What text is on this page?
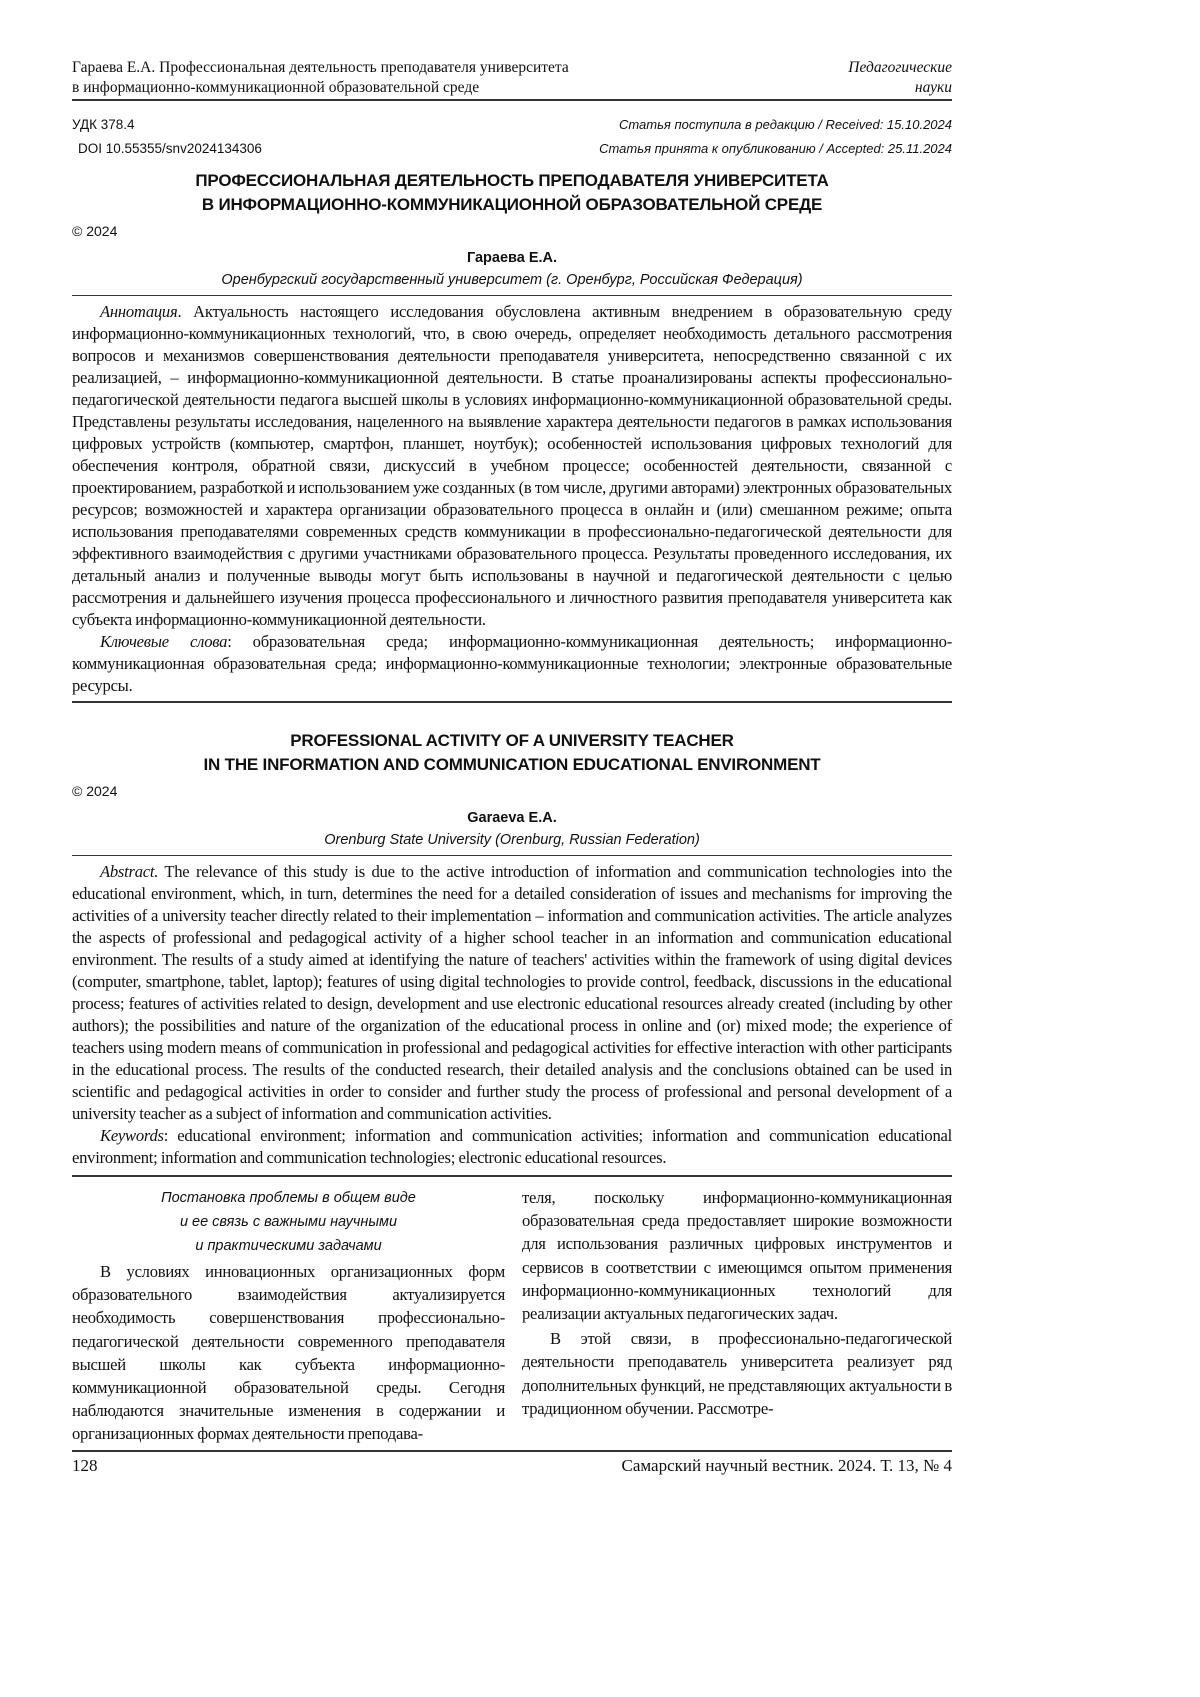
Гараева Е.А. Профессиональная деятельность преподавателя университета
в информационно-коммуникационной образовательной среде
Педагогические
науки
УДК 378.4	Статья поступила в редакцию / Received: 15.10.2024
DOI 10.55355/snv2024134306	Статья принята к опубликованию / Accepted: 25.11.2024
ПРОФЕССИОНАЛЬНАЯ ДЕЯТЕЛЬНОСТЬ ПРЕПОДАВАТЕЛЯ УНИВЕРСИТЕТА
В ИНФОРМАЦИОННО-КОММУНИКАЦИОННОЙ ОБРАЗОВАТЕЛЬНОЙ СРЕДЕ
© 2024
Гараева Е.А.
Оренбургский государственный университет (г. Оренбург, Российская Федерация)

Аннотация. Актуальность настоящего исследования обусловлена активным внедрением в образовательную среду информационно-коммуникационных технологий, что, в свою очередь, определяет необходимость детального рассмотрения вопросов и механизмов совершенствования деятельности преподавателя университета, непосредственно связанной с их реализацией, – информационно-коммуникационной деятельности. В статье проанализированы аспекты профессионально-педагогической деятельности педагога высшей школы в условиях информационно-коммуникационной образовательной среды. Представлены результаты исследования, нацеленного на выявление характера деятельности педагогов в рамках использования цифровых устройств (компьютер, смартфон, планшет, ноутбук); особенностей использования цифровых технологий для обеспечения контроля, обратной связи, дискуссий в учебном процессе; особенностей деятельности, связанной с проектированием, разработкой и использованием уже созданных (в том числе, другими авторами) электронных образовательных ресурсов; возможностей и характера организации образовательного процесса в онлайн и (или) смешанном режиме; опыта использования преподавателями современных средств коммуникации в профессионально-педагогической деятельности для эффективного взаимодействия с другими участниками образовательного процесса. Результаты проведенного исследования, их детальный анализ и полученные выводы могут быть использованы в научной и педагогической деятельности с целью рассмотрения и дальнейшего изучения процесса профессионального и личностного развития преподавателя университета как субъекта информационно-коммуникационной деятельности.

Ключевые слова: образовательная среда; информационно-коммуникационная деятельность; информационно-коммуникационная образовательная среда; информационно-коммуникационные технологии; электронные образовательные ресурсы.

PROFESSIONAL ACTIVITY OF A UNIVERSITY TEACHER
IN THE INFORMATION AND COMMUNICATION EDUCATIONAL ENVIRONMENT
© 2024
Garaeva E.A.
Orenburg State University (Orenburg, Russian Federation)

Abstract. The relevance of this study is due to the active introduction of information and communication technologies into the educational environment, which, in turn, determines the need for a detailed consideration of issues and mechanisms for improving the activities of a university teacher directly related to their implementation – information and communication activities. The article analyzes the aspects of professional and pedagogical activity of a higher school teacher in an information and communication educational environment. The results of a study aimed at identifying the nature of teachers' activities within the framework of using digital devices (computer, smartphone, tablet, laptop); features of using digital technologies to provide control, feedback, discussions in the educational process; features of activities related to design, development and use electronic educational resources already created (including by other authors); the possibilities and nature of the organization of the educational process in online and (or) mixed mode; the experience of teachers using modern means of communication in professional and pedagogical activities for effective interaction with other participants in the educational process. The results of the conducted research, their detailed analysis and the conclusions obtained can be used in scientific and pedagogical activities in order to consider and further study the process of professional and personal development of a university teacher as a subject of information and communication activities.

Keywords: educational environment; information and communication activities; information and communication educational environment; information and communication technologies; electronic educational resources.

Постановка проблемы в общем виде
и ее связь с важными научными
и практическими задачами

В условиях инновационных организационных форм образовательного взаимодействия актуализируется необходимость совершенствования профессионально-педагогической деятельности современного преподавателя высшей школы как субъекта информационно-коммуникационной образовательной среды. Сегодня наблюдаются значительные изменения в содержании и организационных формах деятельности преподава-

теля, поскольку информационно-коммуникационная образовательная среда предоставляет широкие возможности для использования различных цифровых инструментов и сервисов в соответствии с имеющимся опытом применения информационно-коммуникационных технологий для реализации актуальных педагогических задач.

В этой связи, в профессионально-педагогической деятельности преподаватель университета реализует ряд дополнительных функций, не представляющих актуальности в традиционном обучении. Рассмотре-

128	Самарский научный вестник. 2024. Т. 13, № 4
